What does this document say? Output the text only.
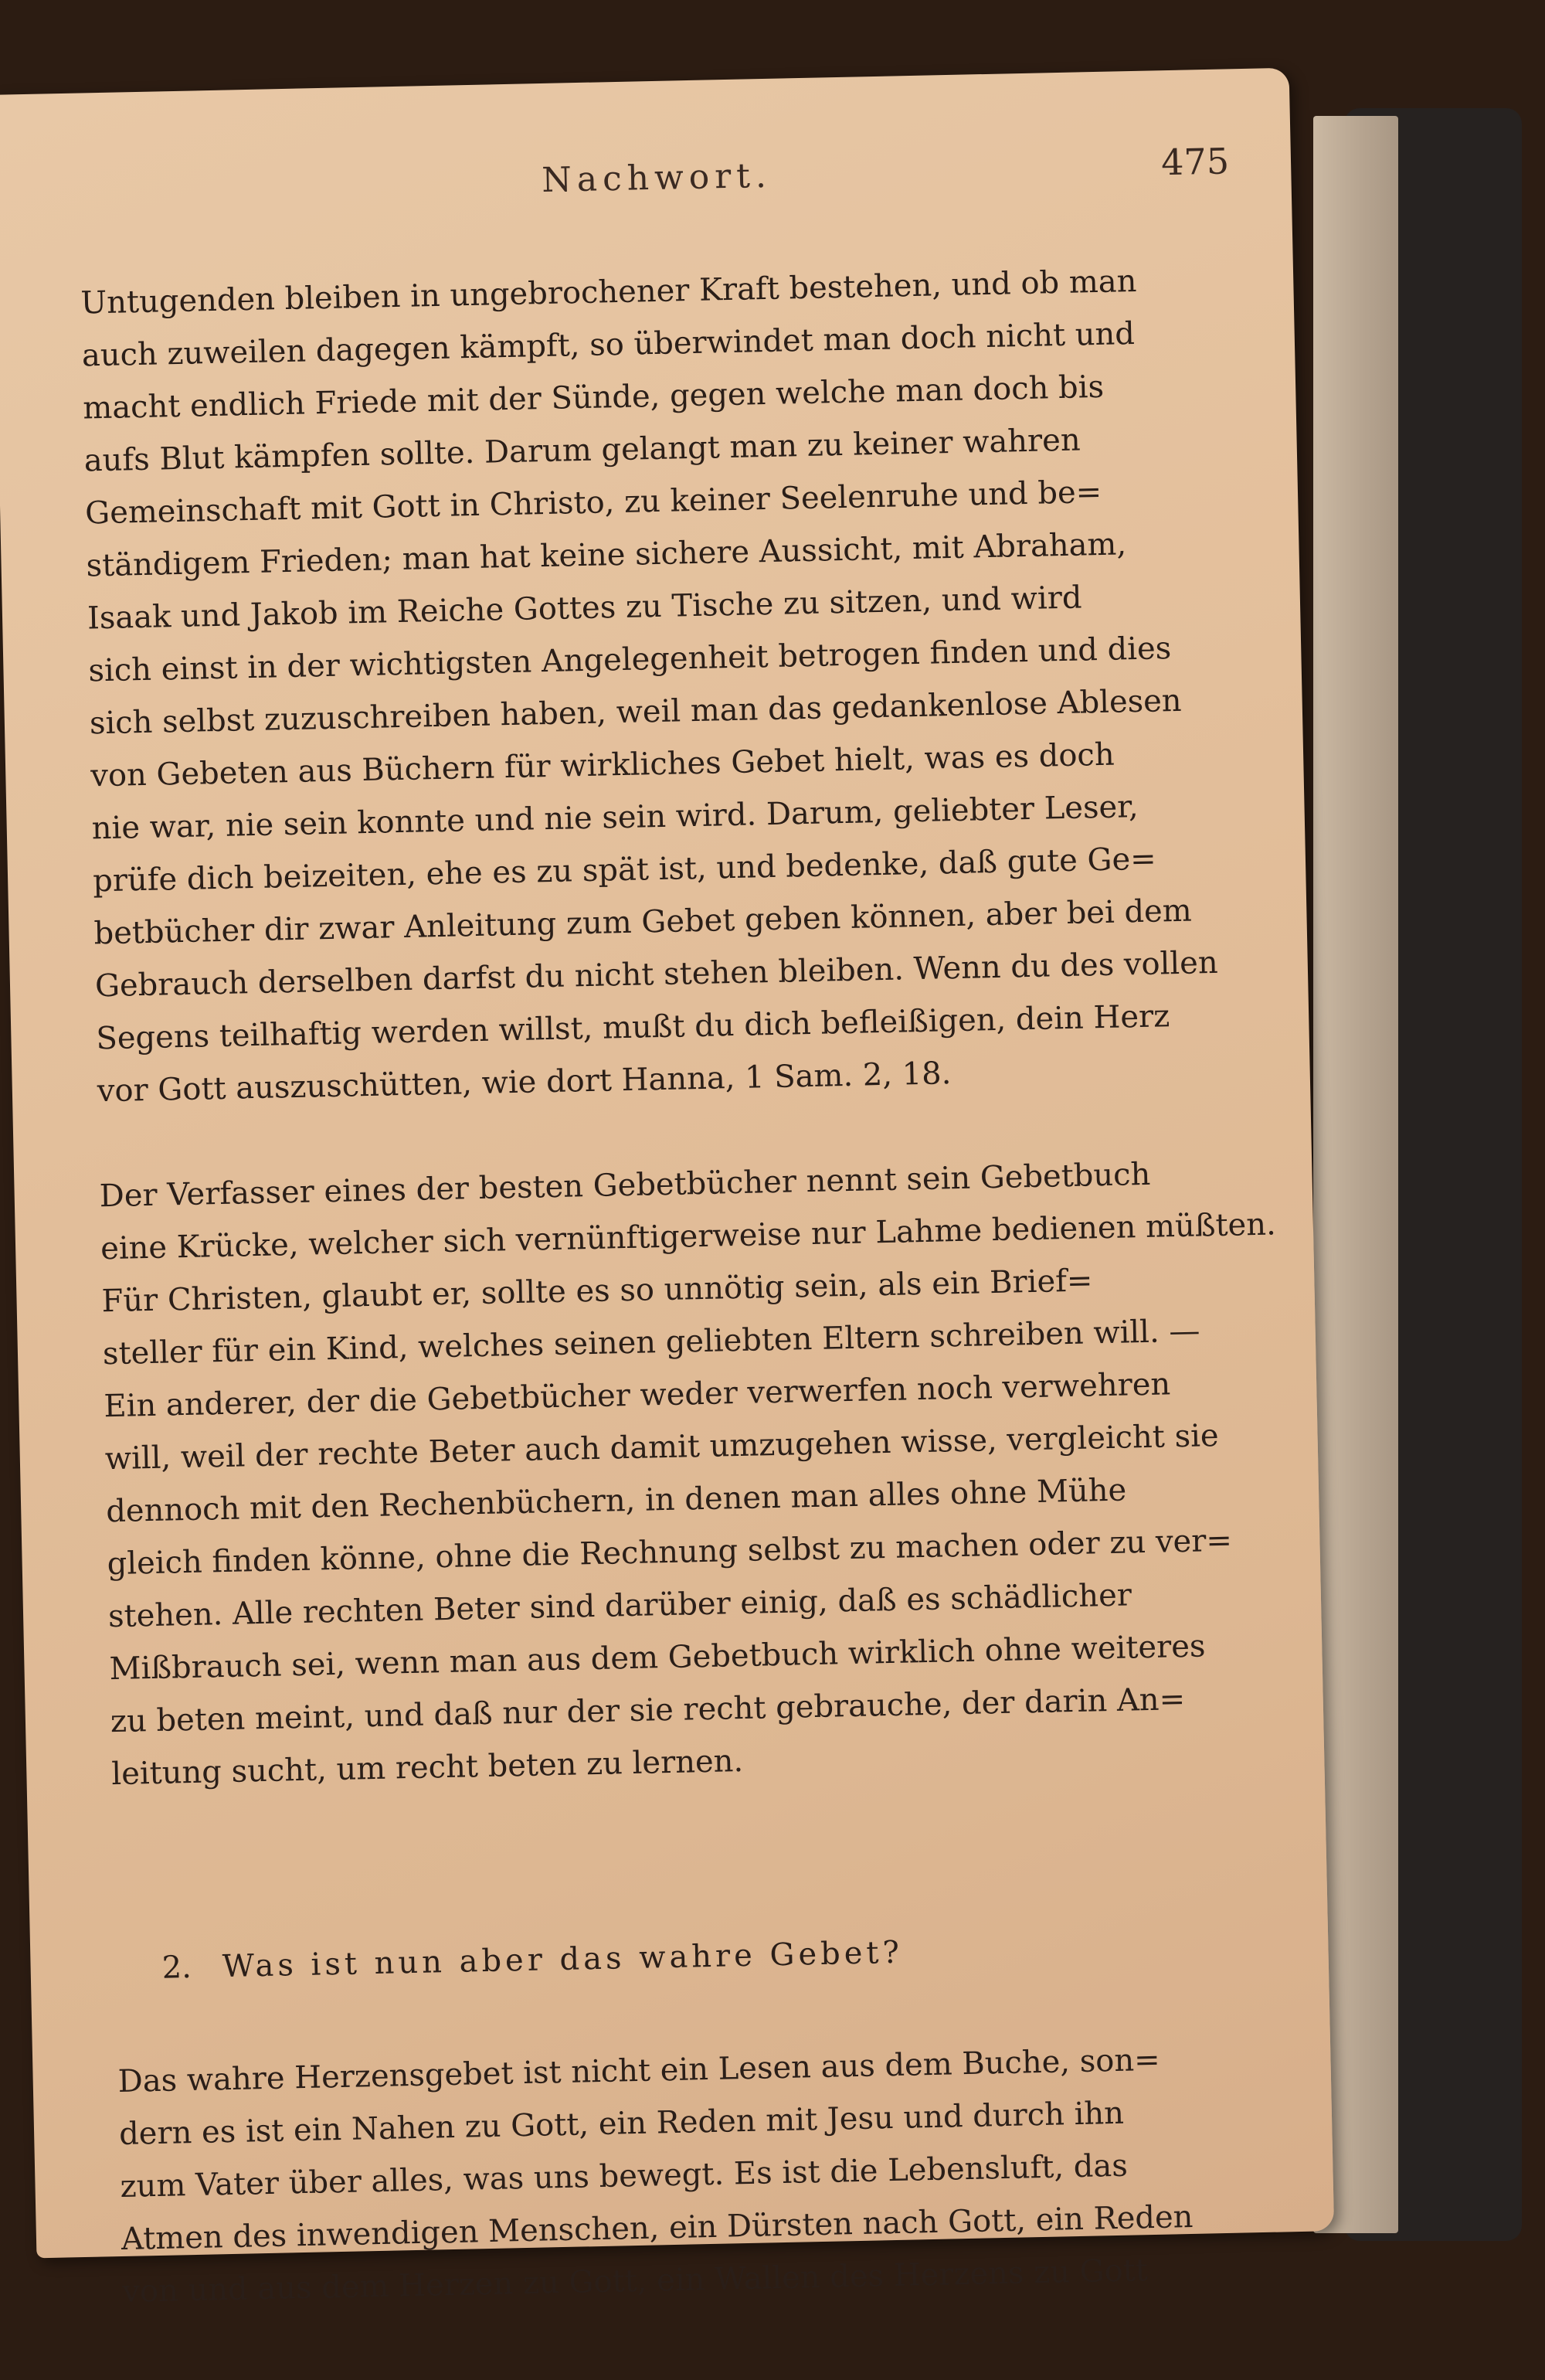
Nachwort.	475

Untugenden bleiben in ungebrochener Kraft bestehen, und ob man
auch zuweilen dagegen kämpft, so überwindet man doch nicht und
macht endlich Friede mit der Sünde, gegen welche man doch bis
aufs Blut kämpfen sollte. Darum gelangt man zu keiner wahren
Gemeinschaft mit Gott in Christo, zu keiner Seelenruhe und be=
ständigem Frieden; man hat keine sichere Aussicht, mit Abraham,
Isaak und Jakob im Reiche Gottes zu Tische zu sitzen, und wird
sich einst in der wichtigsten Angelegenheit betrogen finden und dies
sich selbst zuzuschreiben haben, weil man das gedankenlose Ablesen
von Gebeten aus Büchern für wirkliches Gebet hielt, was es doch
nie war, nie sein konnte und nie sein wird. Darum, geliebter Leser,
prüfe dich beizeiten, ehe es zu spät ist, und bedenke, daß gute Ge=
betbücher dir zwar Anleitung zum Gebet geben können, aber bei dem
Gebrauch derselben darfst du nicht stehen bleiben. Wenn du des vollen
Segens teilhaftig werden willst, mußt du dich befleißigen, dein Herz
vor Gott auszuschütten, wie dort Hanna, 1 Sam. 2, 18.

Der Verfasser eines der besten Gebetbücher nennt sein Gebetbuch
eine Krücke, welcher sich vernünftigerweise nur Lahme bedienen müßten.
Für Christen, glaubt er, sollte es so unnötig sein, als ein Brief=
steller für ein Kind, welches seinen geliebten Eltern schreiben will. —
Ein anderer, der die Gebetbücher weder verwerfen noch verwehren
will, weil der rechte Beter auch damit umzugehen wisse, vergleicht sie
dennoch mit den Rechenbüchern, in denen man alles ohne Mühe
gleich finden könne, ohne die Rechnung selbst zu machen oder zu ver=
stehen. Alle rechten Beter sind darüber einig, daß es schädlicher
Mißbrauch sei, wenn man aus dem Gebetbuch wirklich ohne weiteres
zu beten meint, und daß nur der sie recht gebrauche, der darin An=
leitung sucht, um recht beten zu lernen.

2. Was ist nun aber das wahre Gebet?

Das wahre Herzensgebet ist nicht ein Lesen aus dem Buche, son=
dern es ist ein Nahen zu Gott, ein Reden mit Jesu und durch ihn
zum Vater über alles, was uns bewegt. Es ist die Lebensluft, das
Atmen des inwendigen Menschen, ein Dürsten nach Gott, ein Reden
von und aus dem Herzen zu Gott, ein Wallen des Herzens zu Gott
